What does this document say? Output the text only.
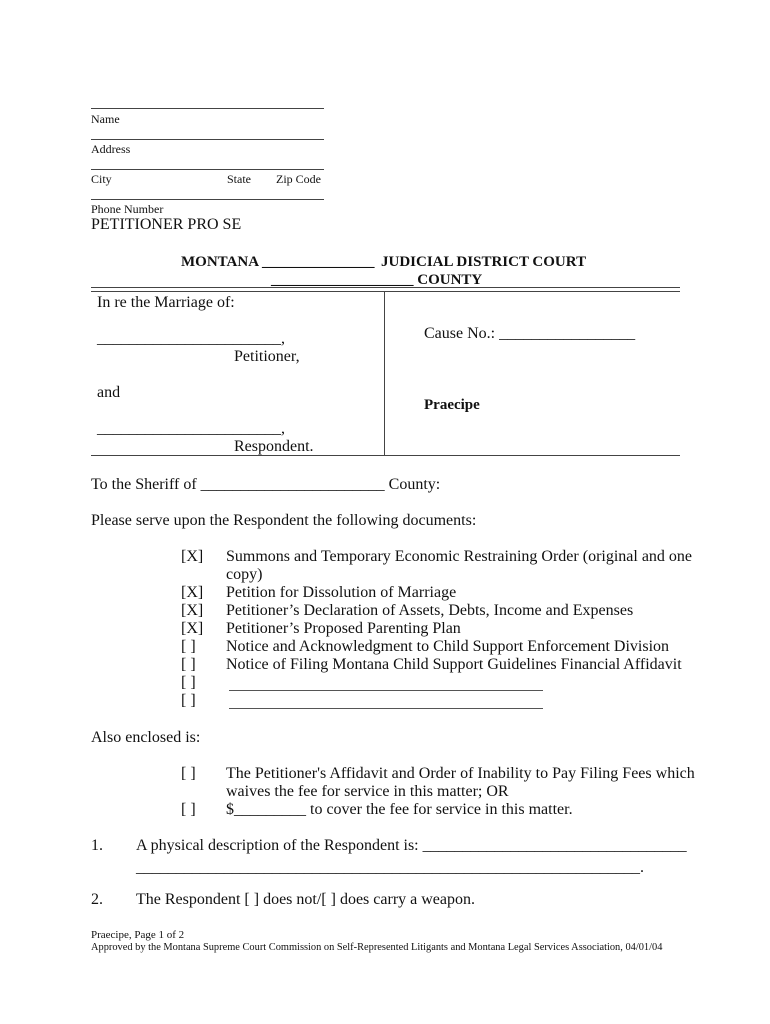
Name
Address
City	State Zip Code
Phone Number
PETITIONER PRO SE
MONTANA _______________ JUDICIAL DISTRICT COURT
___________________ COUNTY
In re the Marriage of:
_______________________,
Petitioner,
and
_______________________,
Respondent.
Cause No.: _________________
Praecipe
To the Sheriff of _______________________ County:
Please serve upon the Respondent the following documents:
[X] Summons and Temporary Economic Restraining Order (original and one
copy)
[X] Petition for Dissolution of Marriage
[X] Petitioner’s Declaration of Assets, Debts, Income and Expenses
[X] Petitioner’s Proposed Parenting Plan
[ ] Notice and Acknowledgment to Child Support Enforcement Division
[ ] Notice of Filing Montana Child Support Guidelines Financial Affidavit
[ ]
[ ]
Also enclosed is:
[ ] The Petitioner's Affidavit and Order of Inability to Pay Filing Fees which
waives the fee for service in this matter; OR
[ ] $_________ to cover the fee for service in this matter.
1. A physical description of the Respondent is: _________________________________
_______________________________________________________________.
2. The Respondent [ ] does not/[ ] does carry a weapon.
Praecipe, Page 1 of 2
Approved by the Montana Supreme Court Commission on Self-Represented Litigants and Montana Legal Services Association, 04/01/04
